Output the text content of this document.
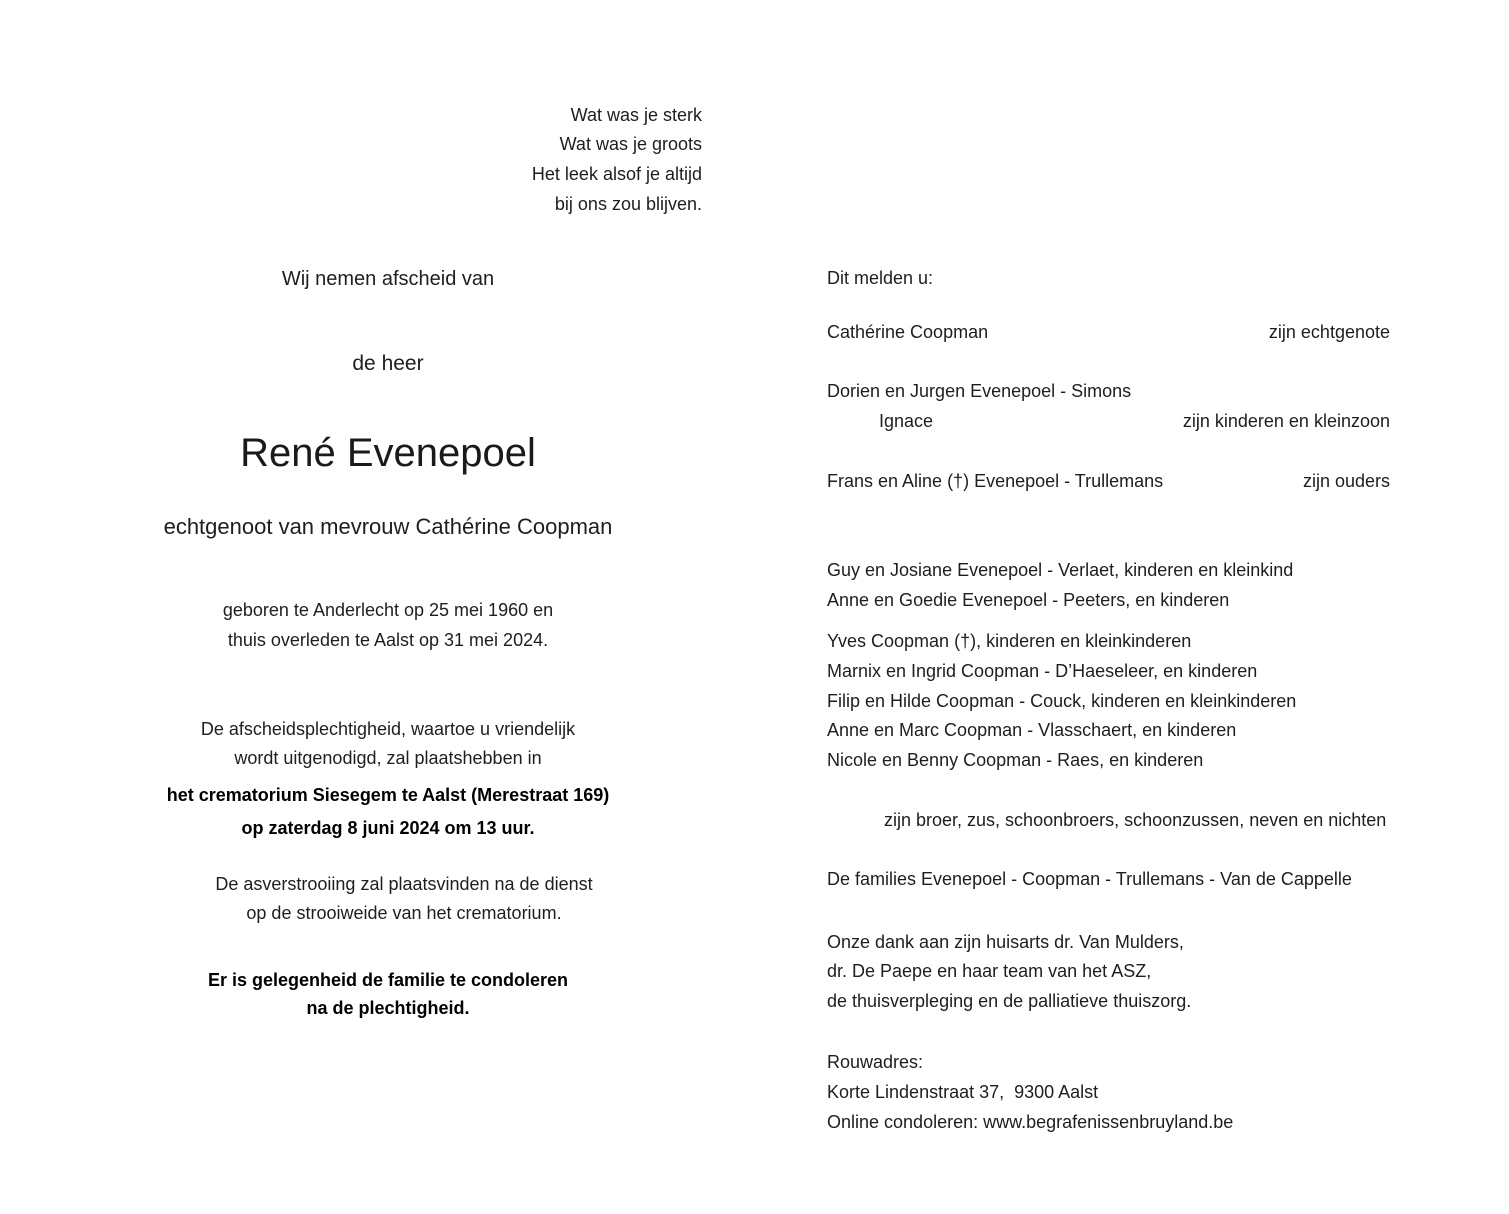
Wat was je sterk
Wat was je groots
Het leek alsof je altijd
bij ons zou blijven.
Wij nemen afscheid van
de heer
René Evenepoel
echtgenoot van mevrouw Cathérine Coopman
geboren te Anderlecht op 25 mei 1960 en
thuis overleden te Aalst op 31 mei 2024.
De afscheidsplechtigheid, waartoe u vriendelijk
wordt uitgenodigd, zal plaatshebben in
het crematorium Siesegem te Aalst (Merestraat 169)
op zaterdag 8 juni 2024 om 13 uur.
De asverstrooiing zal plaatsvinden na de dienst
op de strooiweide van het crematorium.
Er is gelegenheid de familie te condoleren
na de plechtigheid.
Dit melden u:
Cathérine Coopman	zijn echtgenote
Dorien en Jurgen Evenepoel - Simons
Ignace	zijn kinderen en kleinzoon
Frans en Aline (†) Evenepoel - Trullemans	zijn ouders
Guy en Josiane Evenepoel - Verlaet, kinderen en kleinkind
Anne en Goedie Evenepoel - Peeters, en kinderen
Yves Coopman (†), kinderen en kleinkinderen
Marnix en Ingrid Coopman - D’Haeseleer, en kinderen
Filip en Hilde Coopman - Couck, kinderen en kleinkinderen
Anne en Marc Coopman - Vlasschaert, en kinderen
Nicole en Benny Coopman - Raes, en kinderen
zijn broer, zus, schoonbroers, schoonzussen, neven en nichten
De families Evenepoel - Coopman - Trullemans - Van de Cappelle
Onze dank aan zijn huisarts dr. Van Mulders,
dr. De Paepe en haar team van het ASZ,
de thuisverpleging en de palliatieve thuiszorg.
Rouwadres:
Korte Lindenstraat 37,  9300 Aalst
Online condoleren: www.begrafenissenbruyland.be
